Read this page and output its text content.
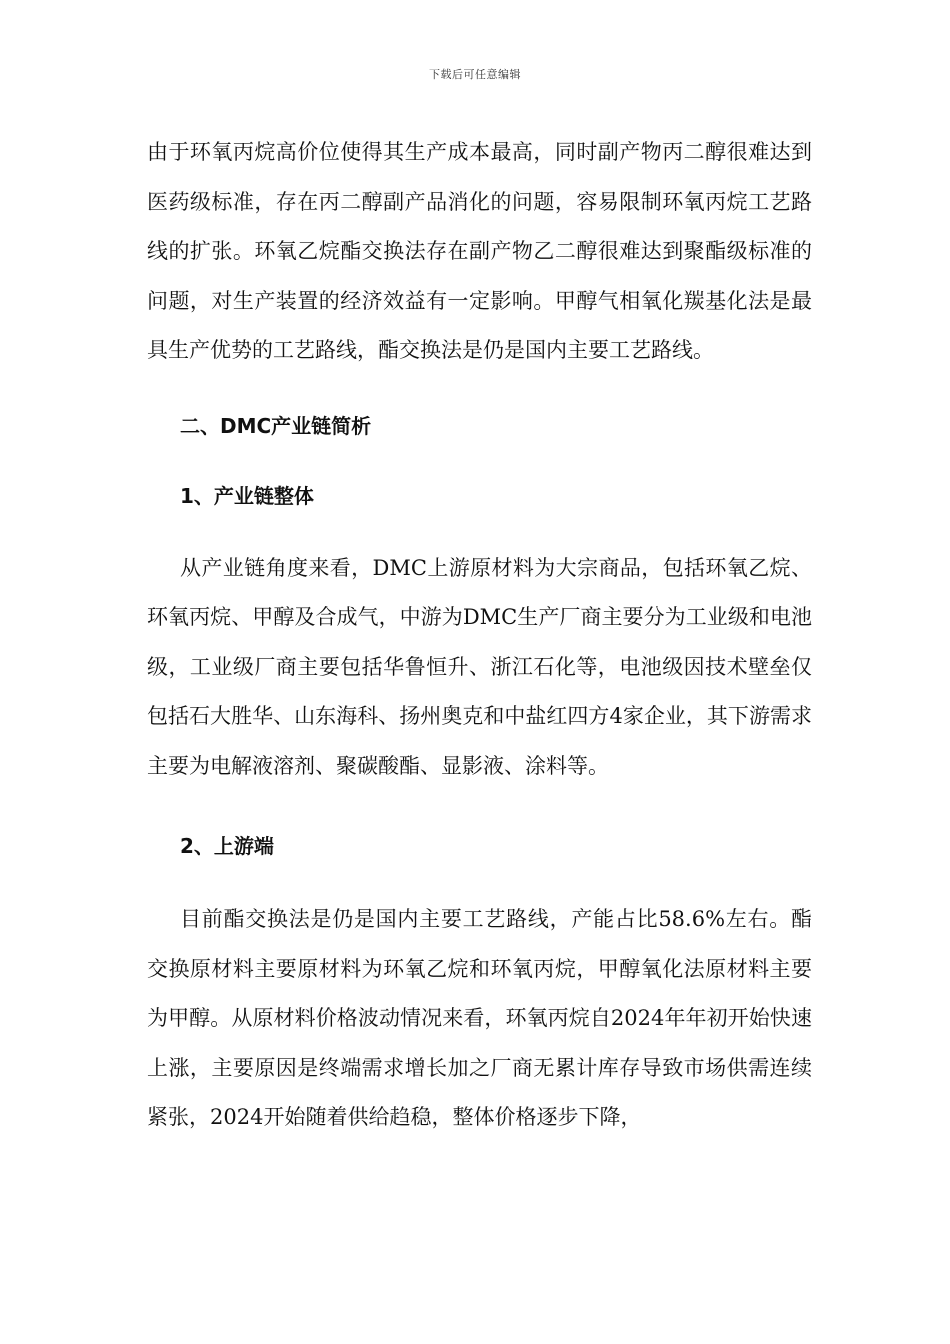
下载后可任意编辑

由于环氧丙烷高价位使得其生产成本最高，同时副产物丙二醇很难达到医药级标准，存在丙二醇副产品消化的问题，容易限制环氧丙烷工艺路线的扩张。环氧乙烷酯交换法存在副产物乙二醇很难达到聚酯级标准的问题，对生产装置的经济效益有一定影响。甲醇气相氧化羰基化法是最具生产优势的工艺路线，酯交换法是仍是国内主要工艺路线。

二、DMC产业链简析
1、产业链整体

从产业链角度来看，DMC上游原材料为大宗商品，包括环氧乙烷、环氧丙烷、甲醇及合成气，中游为DMC生产厂商主要分为工业级和电池级，工业级厂商主要包括华鲁恒升、浙江石化等，电池级因技术壁垒仅包括石大胜华、山东海科、扬州奥克和中盐红四方4家企业，其下游需求主要为电解液溶剂、聚碳酸酯、显影液、涂料等。

2、上游端

目前酯交换法是仍是国内主要工艺路线，产能占比58.6%左右。酯交换原材料主要原材料为环氧乙烷和环氧丙烷，甲醇氧化法原材料主要为甲醇。从原材料价格波动情况来看，环氧丙烷自2024年年初开始快速上涨，主要原因是终端需求增长加之厂商无累计库存导致市场供需连续紧张，2024开始随着供给趋稳，整体价格逐步下降，
